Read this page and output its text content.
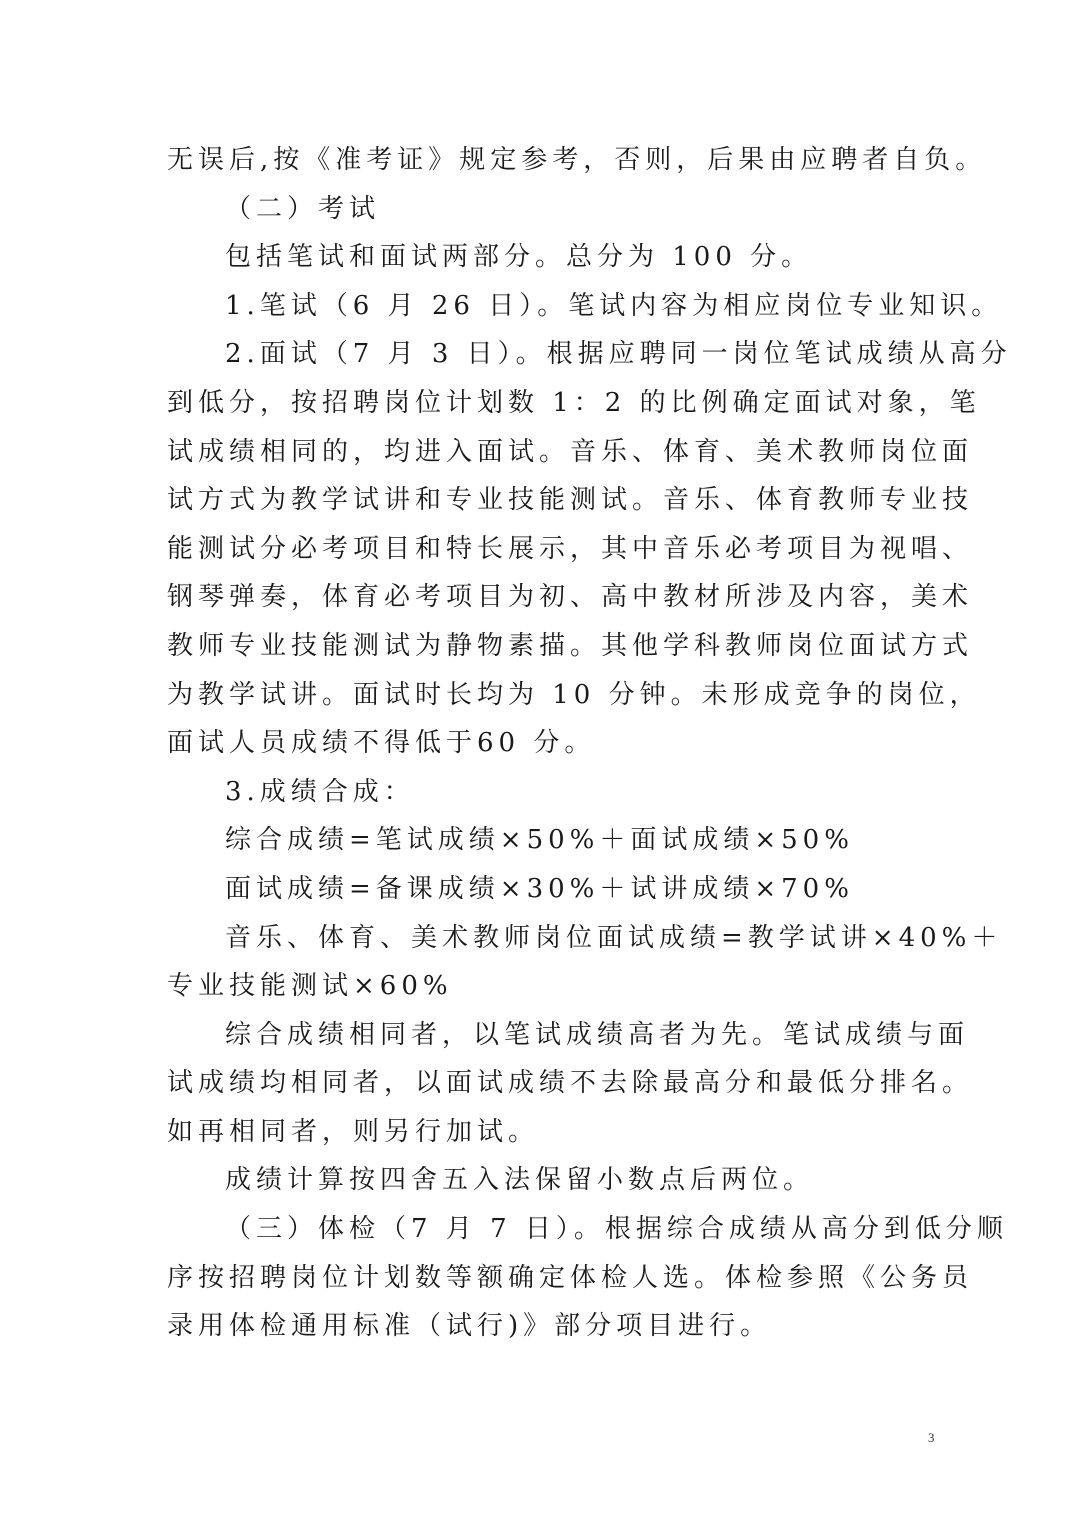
无误后,按《准考证》规定参考，否则，后果由应聘者自负。
（二）考试
包括笔试和面试两部分。总分为 100 分。
1.笔试（6 月 26 日）。笔试内容为相应岗位专业知识。
2.面试（7 月 3 日）。根据应聘同一岗位笔试成绩从高分
到低分，按招聘岗位计划数 1：2 的比例确定面试对象，笔
试成绩相同的，均进入面试。音乐、体育、美术教师岗位面
试方式为教学试讲和专业技能测试。音乐、体育教师专业技
能测试分必考项目和特长展示，其中音乐必考项目为视唱、
钢琴弹奏，体育必考项目为初、高中教材所涉及内容，美术
教师专业技能测试为静物素描。其他学科教师岗位面试方式
为教学试讲。面试时长均为 10 分钟。未形成竞争的岗位，
面试人员成绩不得低于60 分。
3.成绩合成：
综合成绩=笔试成绩×50%＋面试成绩×50%
面试成绩=备课成绩×30%＋试讲成绩×70%
音乐、体育、美术教师岗位面试成绩=教学试讲×40%＋
专业技能测试×60%
综合成绩相同者，以笔试成绩高者为先。笔试成绩与面
试成绩均相同者，以面试成绩不去除最高分和最低分排名。
如再相同者，则另行加试。
成绩计算按四舍五入法保留小数点后两位。
（三）体检（7 月 7 日）。根据综合成绩从高分到低分顺
序按招聘岗位计划数等额确定体检人选。体检参照《公务员
录用体检通用标准（试行)》部分项目进行。
3
